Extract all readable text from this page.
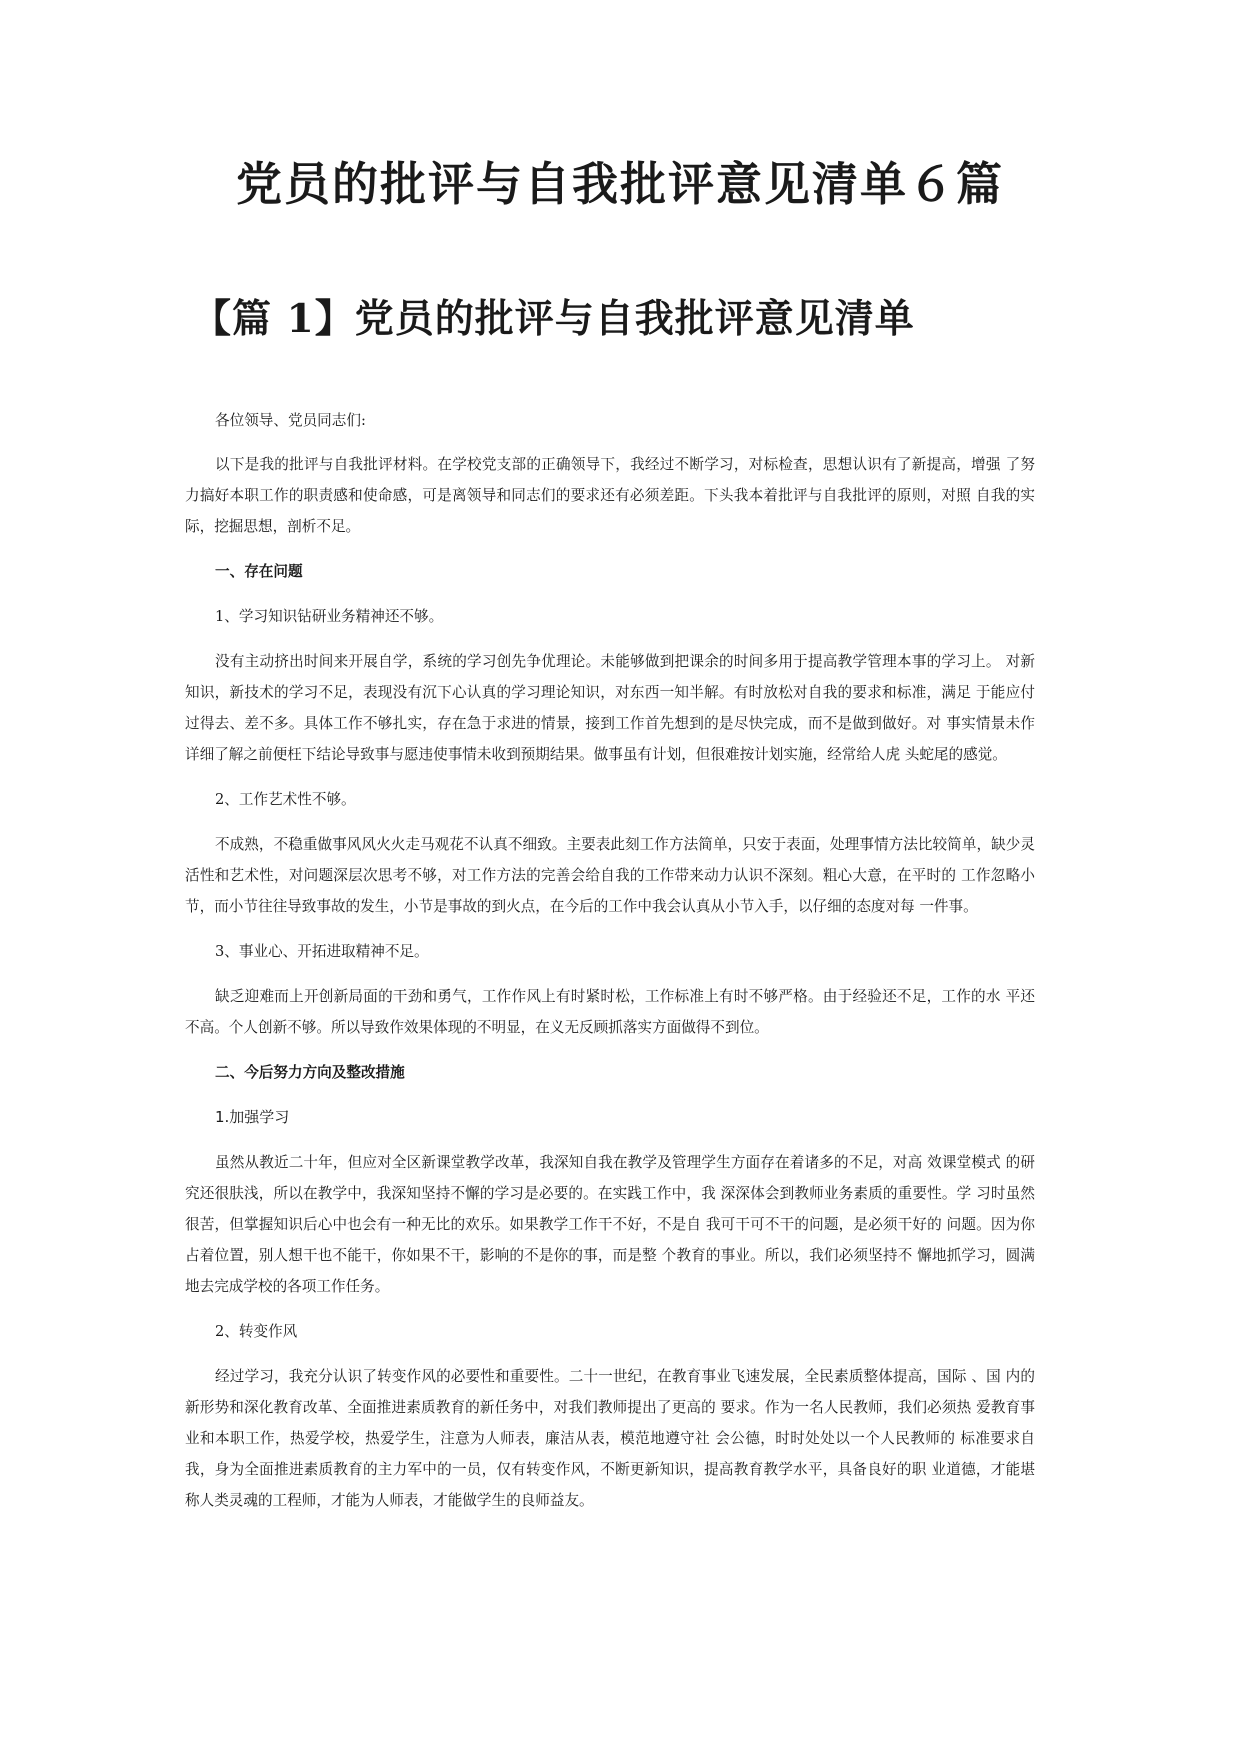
党员的批评与自我批评意见清单６篇
【篇 1】党员的批评与自我批评意见清单

各位领导、党员同志们:

以下是我的批评与自我批评材料。在学校党支部的正确领导下，我经过不断学习，对标检查，思想认识有了新提高，增强 了努力搞好本职工作的职责感和使命感，可是离领导和同志们的要求还有必须差距。下头我本着批评与自我批评的原则，对照 自我的实际，挖掘思想，剖析不足。

一、存在问题

1、学习知识钻研业务精神还不够。

没有主动挤出时间来开展自学，系统的学习创先争优理论。未能够做到把课余的时间多用于提高教学管理本事的学习上。 对新知识，新技术的学习不足，表现没有沉下心认真的学习理论知识，对东西一知半解。有时放松对自我的要求和标准，满足 于能应付过得去、差不多。具体工作不够扎实，存在急于求进的情景，接到工作首先想到的是尽快完成，而不是做到做好。对 事实情景未作详细了解之前便枉下结论导致事与愿违使事情未收到预期结果。做事虽有计划，但很难按计划实施，经常给人虎 头蛇尾的感觉。

2、工作艺术性不够。

不成熟，不稳重做事风风火火走马观花不认真不细致。主要表此刻工作方法简单，只安于表面，处理事情方法比较简单，缺少灵活性和艺术性，对问题深层次思考不够，对工作方法的完善会给自我的工作带来动力认识不深刻。粗心大意，在平时的 工作忽略小节，而小节往往导致事故的发生，小节是事故的到火点，在今后的工作中我会认真从小节入手，以仔细的态度对每 一件事。

3、事业心、开拓进取精神不足。

缺乏迎难而上开创新局面的干劲和勇气，工作作风上有时紧时松，工作标准上有时不够严格。由于经验还不足，工作的水 平还不高。个人创新不够。所以导致作效果体现的不明显，在义无反顾抓落实方面做得不到位。

二、今后努力方向及整改措施
1.加强学习

虽然从教近二十年，但应对全区新课堂教学改革，我深知自我在教学及管理学生方面存在着诸多的不足，对高 效课堂模式 的研究还很肤浅，所以在教学中，我深知坚持不懈的学习是必要的。在实践工作中，我 深深体会到教师业务素质的重要性。学 习时虽然很苦，但掌握知识后心中也会有一种无比的欢乐。如果教学工作干不好，不是自 我可干可不干的问题，是必须干好的 问题。因为你占着位置，别人想干也不能干，你如果不干，影响的不是你的事，而是整 个教育的事业。所以，我们必须坚持不 懈地抓学习，圆满地去完成学校的各项工作任务。

2、转变作风

经过学习，我充分认识了转变作风的必要性和重要性。二十一世纪，在教育事业飞速发展，全民素质整体提高，国际 、国 内的新形势和深化教育改革、全面推进素质教育的新任务中，对我们教师提出了更高的 要求。作为一名人民教师，我们必须热 爱教育事业和本职工作，热爱学校，热爱学生，注意为人师表，廉洁从表，模范地遵守社 会公德，时时处处以一个人民教师的 标准要求自我，身为全面推进素质教育的主力军中的一员，仅有转变作风，不断更新知识，提高教育教学水平，具备良好的职 业道德，才能堪称人类灵魂的工程师，才能为人师表，才能做学生的良师益友。
